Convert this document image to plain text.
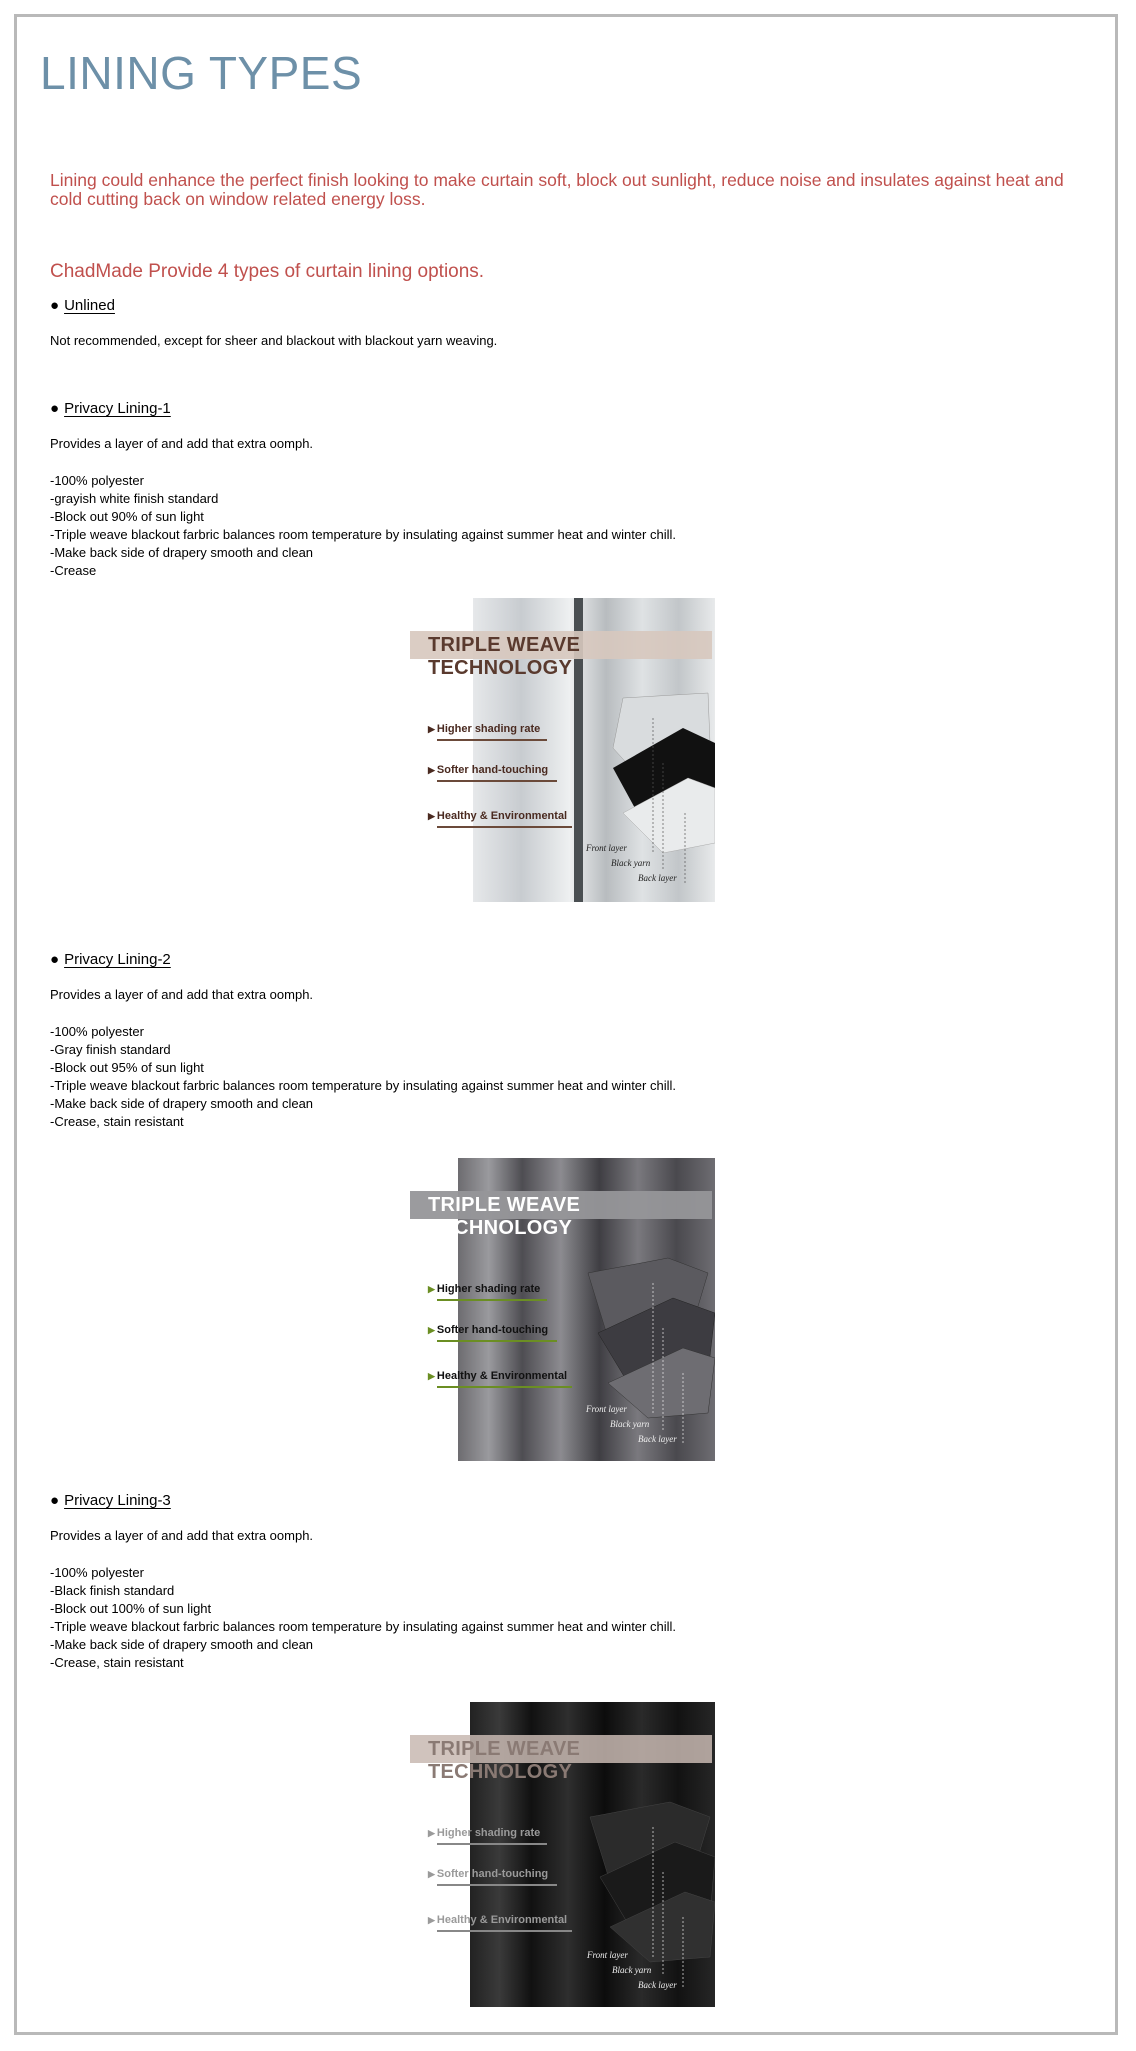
LINING TYPES
Lining could enhance the perfect finish looking to make curtain soft, block out sunlight, reduce noise and insulates against heat and cold cutting back on window related energy loss.
ChadMade Provide 4 types of curtain lining options.
● Unlined
Not recommended, except for sheer and blackout with blackout yarn weaving.
● Privacy Lining-1
Provides a layer of and add that extra oomph.
-100% polyester
-grayish white finish standard
-Block out 90% of sun light
-Triple weave blackout farbric balances room temperature by insulating against summer heat and winter chill.
-Make back side of drapery smooth and clean
-Crease
Front layer
Black yarn
Back layer
TRIPLE WEAVE TECHNOLOGY
▶ Higher shading rate
▶ Softer hand-touching
▶ Healthy & Environmental
● Privacy Lining-2
Provides a layer of and add that extra oomph.
-100% polyester
-Gray finish standard
-Block out 95% of sun light
-Triple weave blackout farbric balances room temperature by insulating against summer heat and winter chill.
-Make back side of drapery smooth and clean
-Crease, stain resistant
Front layer
Black yarn
Back layer
TRIPLE WEAVE TECHNOLOGY
▶ Higher shading rate
▶ Softer hand-touching
▶ Healthy & Environmental
● Privacy Lining-3
Provides a layer of and add that extra oomph.
-100% polyester
-Black finish standard
-Block out 100% of sun light
-Triple weave blackout farbric balances room temperature by insulating against summer heat and winter chill.
-Make back side of drapery smooth and clean
-Crease, stain resistant
Front layer
Black yarn
Back layer
TRIPLE WEAVE TECHNOLOGY
▶ Higher shading rate
▶ Softer hand-touching
▶ Healthy & Environmental
